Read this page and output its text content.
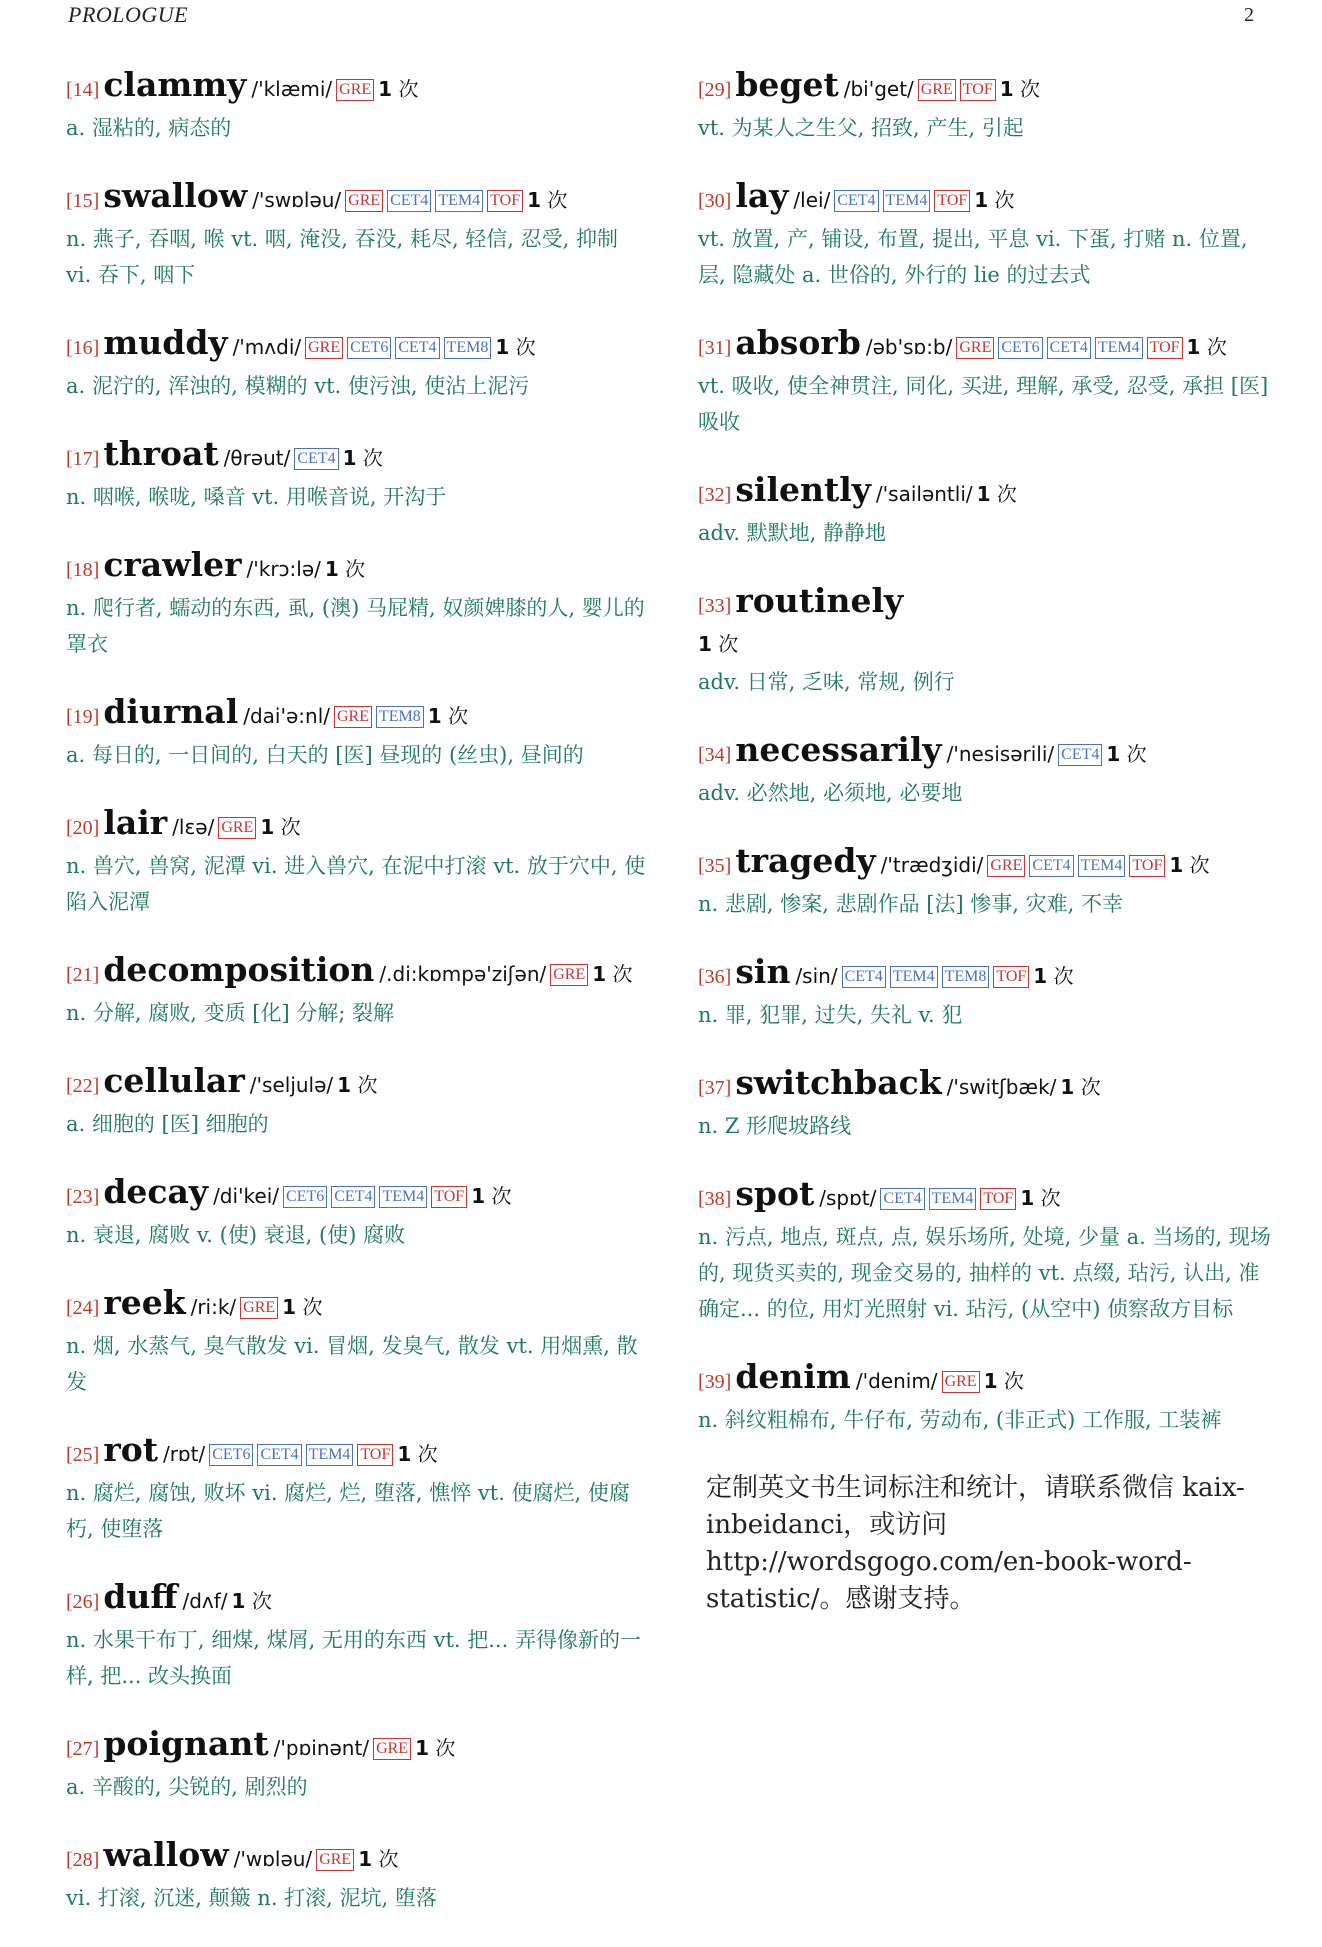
PROLOGUE	2
[14] clammy /'klæmi/ GRE 1 次
a. 湿粘的, 病态的
[15] swallow /'swɒləu/ GRE CET4 TEM4 TOF 1 次
n. 燕子, 吞咽, 喉 vt. 咽, 淹没, 吞没, 耗尽, 轻信, 忍受, 抑制 vi. 吞下, 咽下
[16] muddy /'mʌdi/ GRE CET6 CET4 TEM8 1 次
a. 泥泞的, 浑浊的, 模糊的 vt. 使污浊, 使沾上泥污
[17] throat /θrəut/ CET4 1 次
n. 咽喉, 喉咙, 嗓音 vt. 用喉音说, 开沟于
[18] crawler /'krɔ:lə/ 1 次
n. 爬行者, 蠕动的东西, 虱, (澳) 马屁精, 奴颜婢膝的人, 婴儿的罩衣
[19] diurnal /dai'ə:nl/ GRE TEM8 1 次
a. 每日的, 一日间的, 白天的 [医] 昼现的 (丝虫), 昼间的
[20] lair /lɛə/ GRE 1 次
n. 兽穴, 兽窝, 泥潭 vi. 进入兽穴, 在泥中打滚 vt. 放于穴中, 使陷入泥潭
[21] decomposition /.di:kɒmpə'ziʃən/ GRE 1 次
n. 分解, 腐败, 变质 [化] 分解; 裂解
[22] cellular /'seljulə/ 1 次
a. 细胞的 [医] 细胞的
[23] decay /di'kei/ CET6 CET4 TEM4 TOF 1 次
n. 衰退, 腐败 v. (使) 衰退, (使) 腐败
[24] reek /ri:k/ GRE 1 次
n. 烟, 水蒸气, 臭气散发 vi. 冒烟, 发臭气, 散发 vt. 用烟熏, 散发
[25] rot /rɒt/ CET6 CET4 TEM4 TOF 1 次
n. 腐烂, 腐蚀, 败坏 vi. 腐烂, 烂, 堕落, 憔悴 vt. 使腐烂, 使腐朽, 使堕落
[26] duff /dʌf/ 1 次
n. 水果干布丁, 细煤, 煤屑, 无用的东西 vt. 把... 弄得像新的一样, 把... 改头换面
[27] poignant /'pɒinənt/ GRE 1 次
a. 辛酸的, 尖锐的, 剧烈的
[28] wallow /'wɒləu/ GRE 1 次
vi. 打滚, 沉迷, 颠簸 n. 打滚, 泥坑, 堕落
[29] beget /bi'get/ GRE TOF 1 次
vt. 为某人之生父, 招致, 产生, 引起
[30] lay /lei/ CET4 TEM4 TOF 1 次
vt. 放置, 产, 铺设, 布置, 提出, 平息 vi. 下蛋, 打赌 n. 位置, 层, 隐藏处 a. 世俗的, 外行的 lie 的过去式
[31] absorb /əb'sɒ:b/ GRE CET6 CET4 TEM4 TOF 1 次
vt. 吸收, 使全神贯注, 同化, 买进, 理解, 承受, 忍受, 承担 [医] 吸收
[32] silently /'sailəntli/ 1 次
adv. 默默地, 静静地
[33] routinely
1 次
adv. 日常, 乏味, 常规, 例行
[34] necessarily /'nesisərili/ CET4 1 次
adv. 必然地, 必须地, 必要地
[35] tragedy /'trædʒidi/ GRE CET4 TEM4 TOF 1 次
n. 悲剧, 惨案, 悲剧作品 [法] 惨事, 灾难, 不幸
[36] sin /sin/ CET4 TEM4 TEM8 TOF 1 次
n. 罪, 犯罪, 过失, 失礼 v. 犯
[37] switchback /'switʃbæk/ 1 次
n. Z 形爬坡路线
[38] spot /spɒt/ CET4 TEM4 TOF 1 次
n. 污点, 地点, 斑点, 点, 娱乐场所, 处境, 少量 a. 当场的, 现场的, 现货买卖的, 现金交易的, 抽样的 vt. 点缀, 玷污, 认出, 准确定... 的位, 用灯光照射 vi. 玷污, (从空中) 侦察敌方目标
[39] denim /'denim/ GRE 1 次
n. 斜纹粗棉布, 牛仔布, 劳动布, (非正式) 工作服, 工装裤
定制英文书生词标注和统计，请联系微信 kaix-inbeidanci，或访问 http://wordsgogo.com/en-book-word-statistic/。感谢支持。
